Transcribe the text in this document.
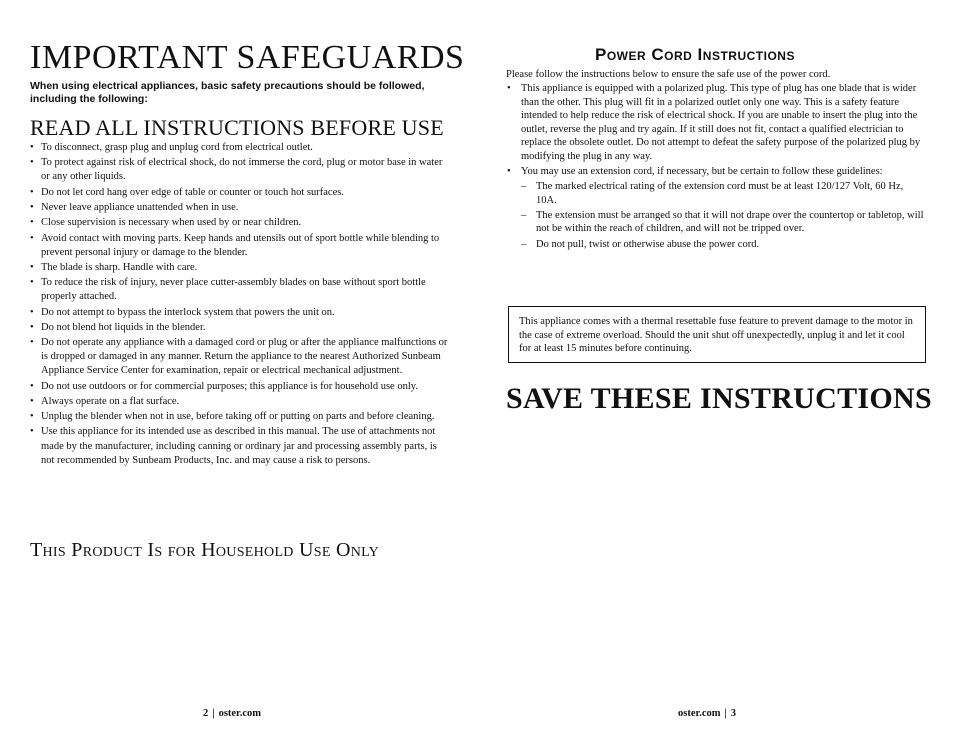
IMPORTANT SAFEGUARDS

When using electrical appliances, basic safety precautions should be followed, including the following:

READ ALL INSTRUCTIONS BEFORE USE
• To disconnect, grasp plug and unplug cord from electrical outlet.
• To protect against risk of electrical shock, do not immerse the cord, plug or motor base in water or any other liquids.
• Do not let cord hang over edge of table or counter or touch hot surfaces.
• Never leave appliance unattended when in use.
• Close supervision is necessary when used by or near children.
• Avoid contact with moving parts. Keep hands and utensils out of sport bottle while blending to prevent personal injury or damage to the blender.
• The blade is sharp. Handle with care.
• To reduce the risk of injury, never place cutter-assembly blades on base without sport bottle properly attached.
• Do not attempt to bypass the interlock system that powers the unit on.
• Do not blend hot liquids in the blender.
• Do not operate any appliance with a damaged cord or plug or after the appliance malfunctions or is dropped or damaged in any manner. Return the appliance to the nearest Authorized Sunbeam Appliance Service Center for examination, repair or electrical mechanical adjustment.
• Do not use outdoors or for commercial purposes; this appliance is for household use only.
• Always operate on a flat surface.
• Unplug the blender when not in use, before taking off or putting on parts and before cleaning.
• Use this appliance for its intended use as described in this manual. The use of attachments not made by the manufacturer, including canning or ordinary jar and processing assembly parts, is not recommended by Sunbeam Products, Inc. and may cause a risk to persons.
This Product Is for Household Use Only
2 | oster.com
Power Cord Instructions

Please follow the instructions below to ensure the safe use of the power cord.

• This appliance is equipped with a polarized plug. This type of plug has one blade that is wider than the other. This plug will fit in a polarized outlet only one way. This is a safety feature intended to help reduce the risk of electrical shock. If you are unable to insert the plug into the outlet, reverse the plug and try again. If it still does not fit, contact a qualified electrician to replace the obsolete outlet. Do not attempt to defeat the safety purpose of the polarized plug by modifying the plug in any way.
• You may use an extension cord, if necessary, but be certain to follow these guidelines:
– The marked electrical rating of the extension cord must be at least 120/127 Volt, 60 Hz, 10A.
– The extension must be arranged so that it will not drape over the countertop or tabletop, will not be within the reach of children, and will not be tripped over.
– Do not pull, twist or otherwise abuse the power cord.
This appliance comes with a thermal resettable fuse feature to prevent damage to the motor in the case of extreme overload. Should the unit shut off unexpectedly, unplug it and let it cool for at least 15 minutes before continuing.
SAVE THESE INSTRUCTIONS
oster.com | 3
